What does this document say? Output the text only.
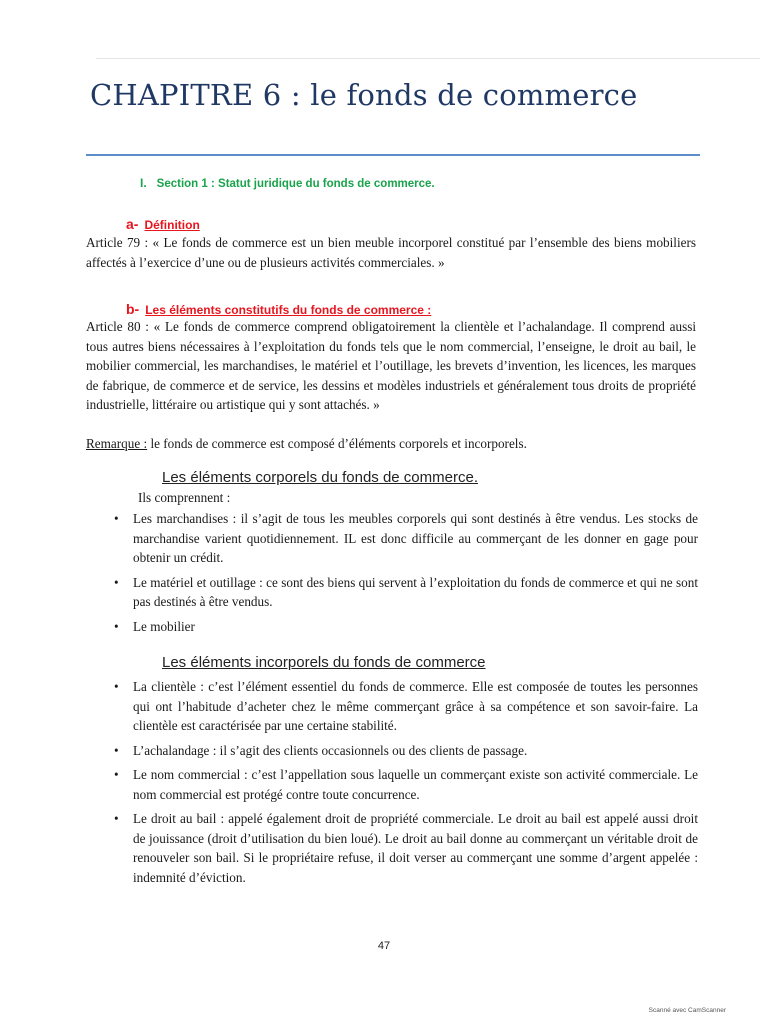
CHAPITRE 6 : le fonds de commerce
I. Section 1 : Statut juridique du fonds de commerce.
a- Définition

Article 79 : « Le fonds de commerce est un bien meuble incorporel constitué par l’ensemble des biens mobiliers affectés à l’exercice d’une ou de plusieurs activités commerciales. »

b- Les éléments constitutifs du fonds de commerce :

Article 80 : « Le fonds de commerce comprend obligatoirement la clientèle et l’achalandage. Il comprend aussi tous autres biens nécessaires à l’exploitation du fonds tels que le nom commercial, l’enseigne, le droit au bail, le mobilier commercial, les marchandises, le matériel et l’outillage, les brevets d’invention, les licences, les marques de fabrique, de commerce et de service, les dessins et modèles industriels et généralement tous droits de propriété industrielle, littéraire ou artistique qui y sont attachés. »

Remarque : le fonds de commerce est composé d’éléments corporels et incorporels.

Les éléments corporels du fonds de commerce.
Ils comprennent :
• Les marchandises : il s’agit de tous les meubles corporels qui sont destinés à être vendus. Les stocks de marchandise varient quotidiennement. IL est donc difficile au commerçant de les donner en gage pour obtenir un crédit.
• Le matériel et outillage : ce sont des biens qui servent à l’exploitation du fonds de commerce et qui ne sont pas destinés à être vendus.
• Le mobilier
Les éléments incorporels du fonds de commerce
• La clientèle : c’est l’élément essentiel du fonds de commerce. Elle est composée de toutes les personnes qui ont l’habitude d’acheter chez le même commerçant grâce à sa compétence et son savoir-faire. La clientèle est caractérisée par une certaine stabilité.
• L’achalandage : il s’agit des clients occasionnels ou des clients de passage.
• Le nom commercial : c’est l’appellation sous laquelle un commerçant existe son activité commerciale. Le nom commercial est protégé contre toute concurrence.
• Le droit au bail : appelé également droit de propriété commerciale. Le droit au bail est appelé aussi droit de jouissance (droit d’utilisation du bien loué). Le droit au bail donne au commerçant un véritable droit de renouveler son bail. Si le propriétaire refuse, il doit verser au commerçant une somme d’argent appelée : indemnité d’éviction.
47
Scanné avec CamScanner
